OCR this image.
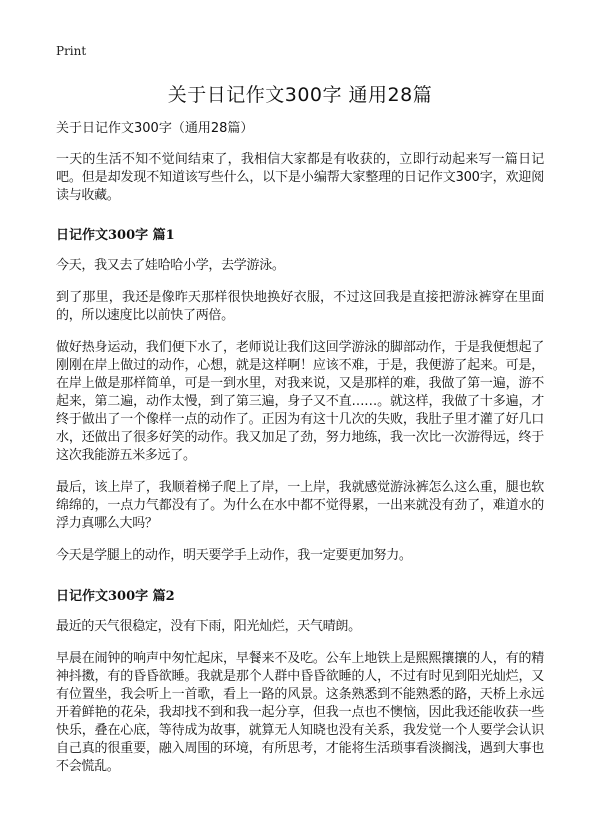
Print
关于日记作文300字 通用28篇
关于日记作文300字（通用28篇）

一天的生活不知不觉间结束了，我相信大家都是有收获的，立即行动起来写一篇日记吧。但是却发现不知道该写些什么，以下是小编帮大家整理的日记作文300字，欢迎阅读与收藏。

日记作文300字 篇1

今天，我又去了娃哈哈小学，去学游泳。

到了那里，我还是像昨天那样很快地换好衣服，不过这回我是直接把游泳裤穿在里面的，所以速度比以前快了两倍。

做好热身运动，我们便下水了，老师说让我们这回学游泳的脚部动作，于是我便想起了刚刚在岸上做过的动作，心想，就是这样啊！应该不难，于是，我便游了起来。可是，在岸上做是那样简单，可是一到水里，对我来说，又是那样的难，我做了第一遍，游不起来，第二遍，动作太慢，到了第三遍，身子又不直……。就这样，我做了十多遍，才终于做出了一个像样一点的动作了。正因为有这十几次的失败，我肚子里才灌了好几口水，还做出了很多好笑的动作。我又加足了劲，努力地练，我一次比一次游得远，终于这次我能游五米多远了。

最后，该上岸了，我顺着梯子爬上了岸，一上岸，我就感觉游泳裤怎么这么重，腿也软绵绵的，一点力气都没有了。为什么在水中都不觉得累，一出来就没有劲了，难道水的浮力真哪么大吗？

今天是学腿上的动作，明天要学手上动作，我一定要更加努力。

日记作文300字 篇2

最近的天气很稳定，没有下雨，阳光灿烂，天气晴朗。

早晨在闹钟的响声中匆忙起床，早餐来不及吃。公车上地铁上是熙熙攘攘的人，有的精神抖擞，有的昏昏欲睡。我就是那个人群中昏昏欲睡的人，不过有时见到阳光灿烂，又有位置坐，我会听上一首歌，看上一路的风景。这条熟悉到不能熟悉的路，天桥上永远开着鲜艳的花朵，我却找不到和我一起分享，但我一点也不懊恼，因此我还能收获一些快乐，叠在心底，等待成为故事，就算无人知晓也没有关系，我发觉一个人要学会认识自己真的很重要，融入周围的环境，有所思考，才能将生活琐事看淡搁浅，遇到大事也不会慌乱。
